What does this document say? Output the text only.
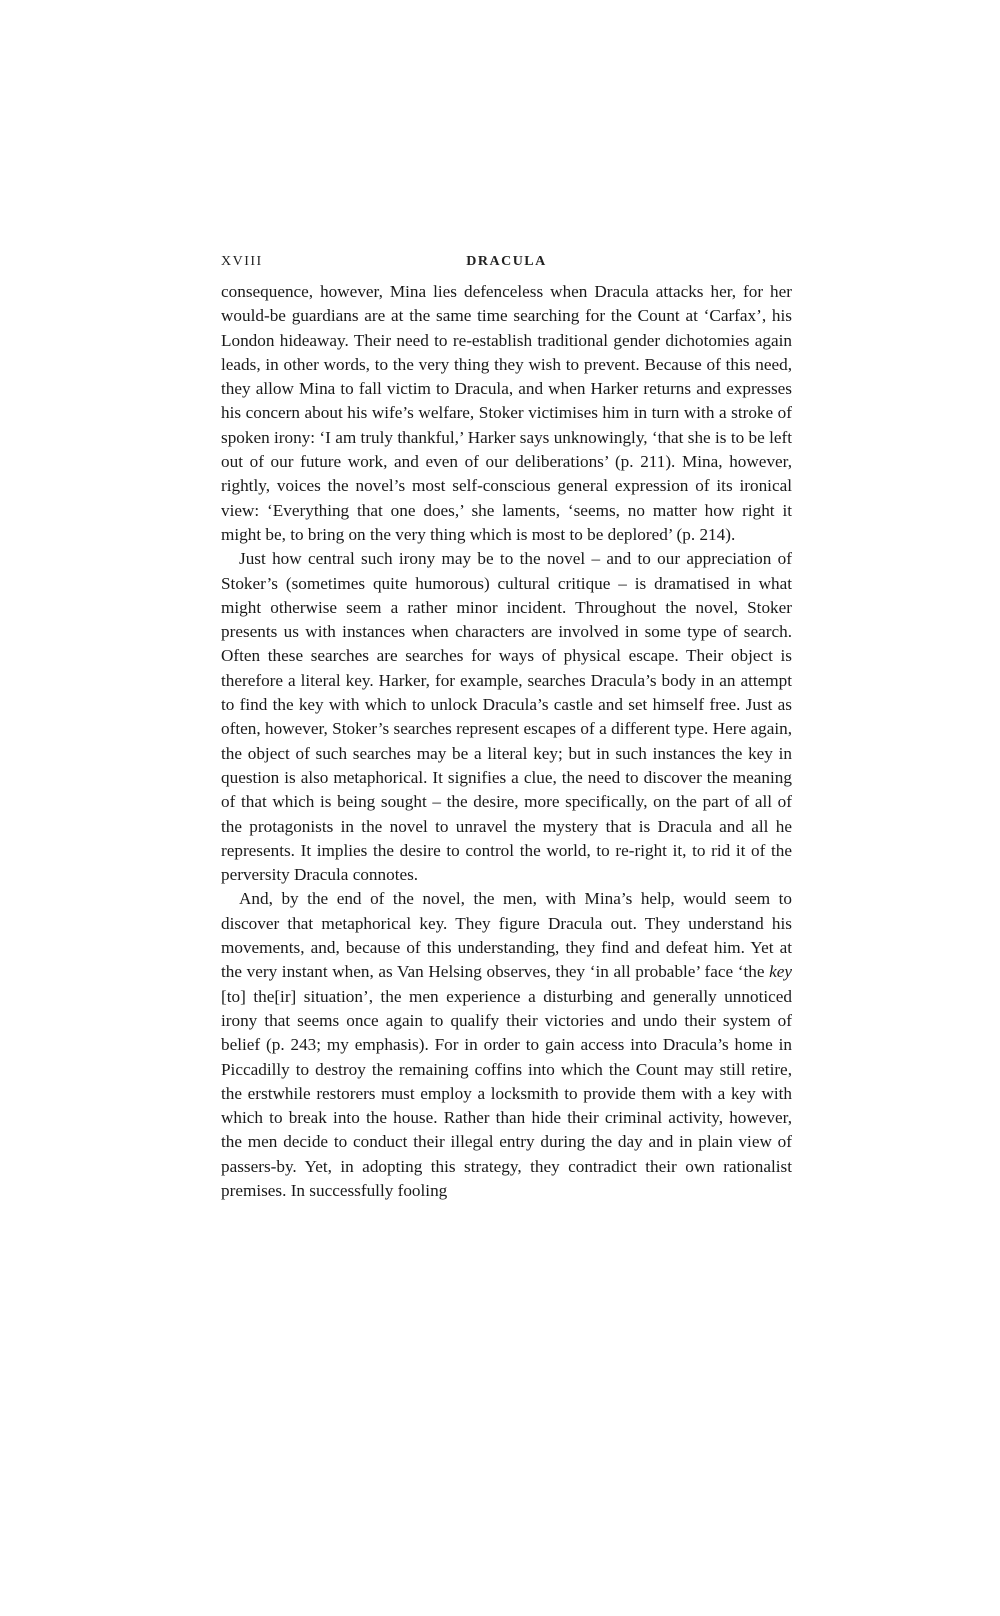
XVIII	DRACULA

consequence, however, Mina lies defenceless when Dracula attacks her, for her would-be guardians are at the same time searching for the Count at ‘Carfax’, his London hideaway. Their need to re-establish traditional gender dichotomies again leads, in other words, to the very thing they wish to prevent. Because of this need, they allow Mina to fall victim to Dracula, and when Harker returns and expresses his concern about his wife’s welfare, Stoker victimises him in turn with a stroke of spoken irony: ‘I am truly thankful,’ Harker says unknowingly, ‘that she is to be left out of our future work, and even of our deliberations’ (p. 211). Mina, however, rightly, voices the novel’s most self-conscious general expression of its ironical view: ‘Everything that one does,’ she laments, ‘seems, no matter how right it might be, to bring on the very thing which is most to be deplored’ (p. 214).

Just how central such irony may be to the novel – and to our appreciation of Stoker’s (sometimes quite humorous) cultural critique – is dramatised in what might otherwise seem a rather minor incident. Throughout the novel, Stoker presents us with instances when characters are involved in some type of search. Often these searches are searches for ways of physical escape. Their object is therefore a literal key. Harker, for example, searches Dracula’s body in an attempt to find the key with which to unlock Dracula’s castle and set himself free. Just as often, however, Stoker’s searches represent escapes of a different type. Here again, the object of such searches may be a literal key; but in such instances the key in question is also metaphorical. It signifies a clue, the need to discover the meaning of that which is being sought – the desire, more specifically, on the part of all of the protagonists in the novel to unravel the mystery that is Dracula and all he represents. It implies the desire to control the world, to re-right it, to rid it of the perversity Dracula connotes.

And, by the end of the novel, the men, with Mina’s help, would seem to discover that metaphorical key. They figure Dracula out. They understand his movements, and, because of this understanding, they find and defeat him. Yet at the very instant when, as Van Helsing observes, they ‘in all probable’ face ‘the key [to] the[ir] situation’, the men experience a disturbing and generally unnoticed irony that seems once again to qualify their victories and undo their system of belief (p. 243; my emphasis). For in order to gain access into Dracula’s home in Piccadilly to destroy the remaining coffins into which the Count may still retire, the erstwhile restorers must employ a locksmith to provide them with a key with which to break into the house. Rather than hide their criminal activity, however, the men decide to conduct their illegal entry during the day and in plain view of passers-by. Yet, in adopting this strategy, they contradict their own rationalist premises. In successfully fooling
